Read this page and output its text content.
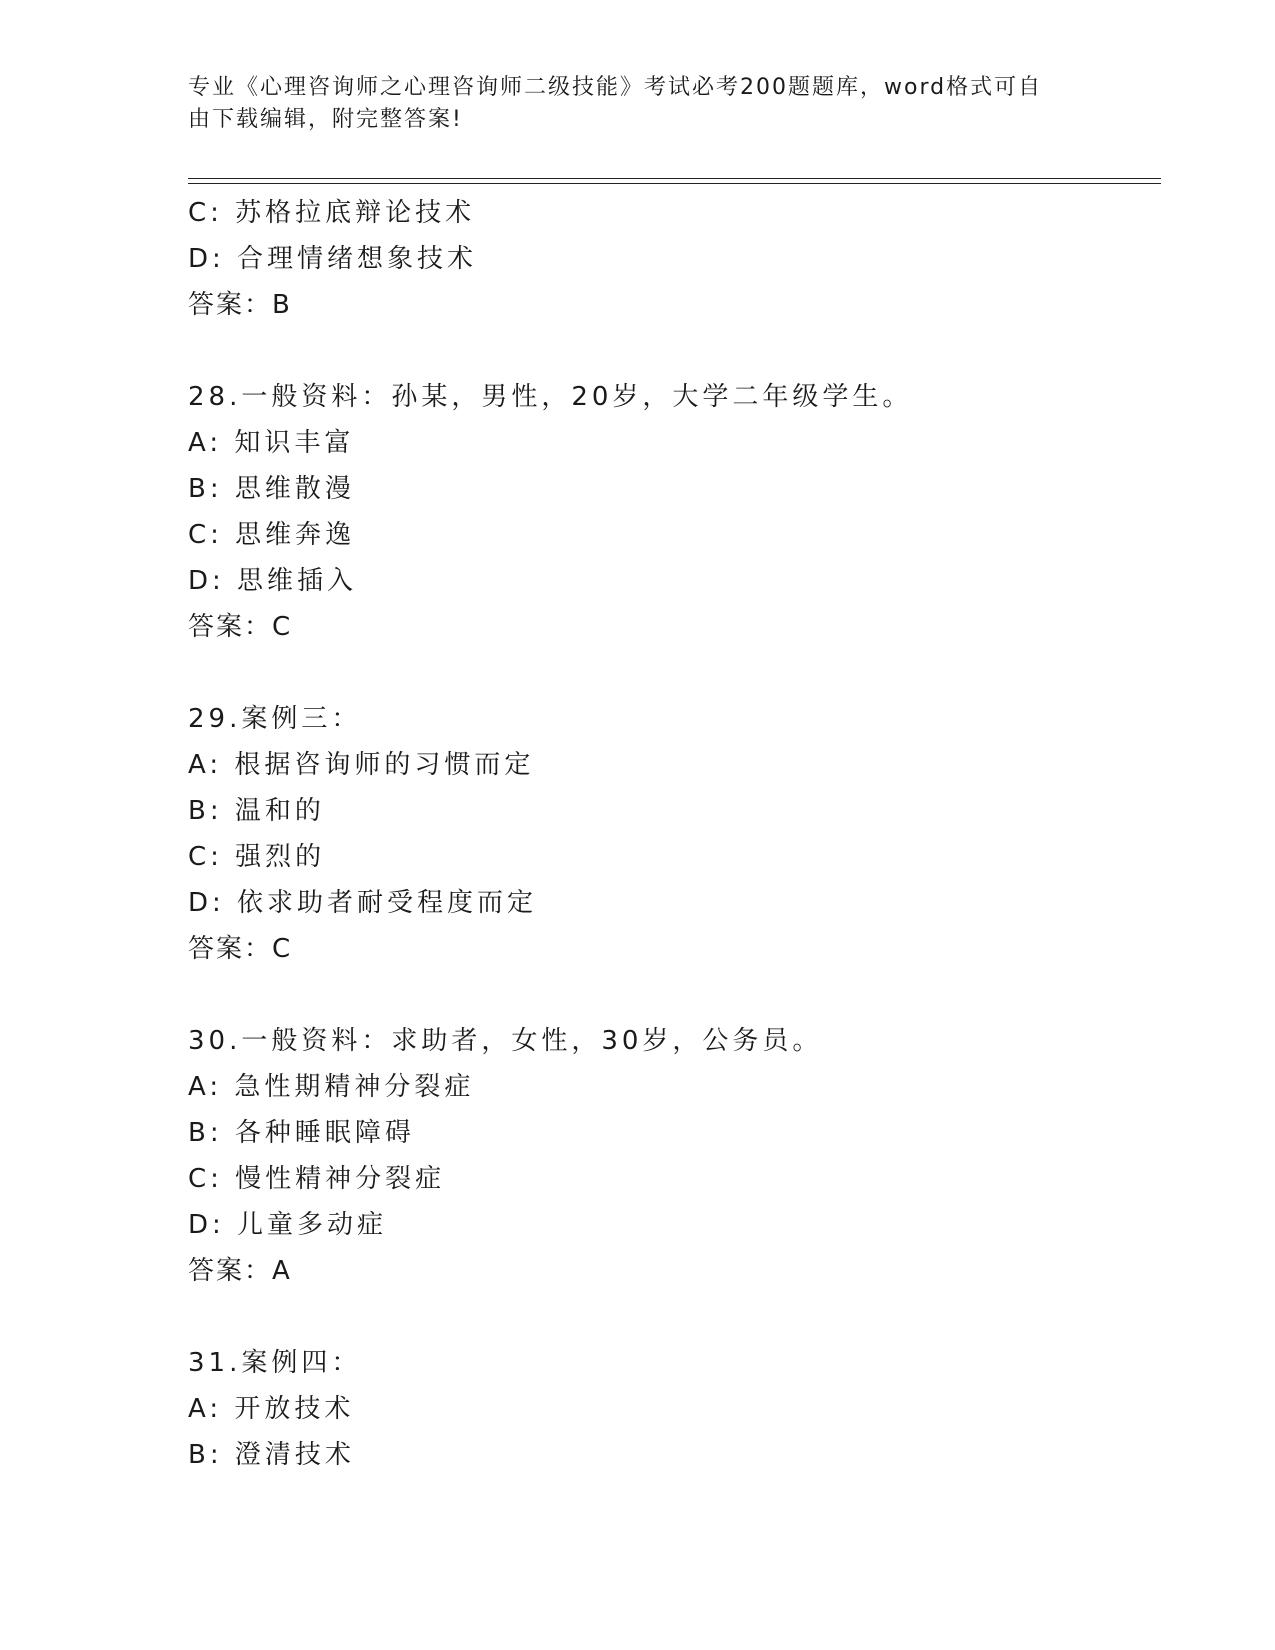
专业《心理咨询师之心理咨询师二级技能》考试必考200题题库，word格式可自
由下载编辑，附完整答案!
C: 苏格拉底辩论技术
D: 合理情绪想象技术
答案：B
28.一般资料：孙某，男性，20岁，大学二年级学生。
A: 知识丰富
B: 思维散漫
C: 思维奔逸
D: 思维插入
答案：C
29.案例三：
A: 根据咨询师的习惯而定
B: 温和的
C: 强烈的
D: 依求助者耐受程度而定
答案：C
30.一般资料：求助者，女性，30岁，公务员。
A: 急性期精神分裂症
B: 各种睡眠障碍
C: 慢性精神分裂症
D: 儿童多动症
答案：A
31.案例四：
A: 开放技术
B: 澄清技术
